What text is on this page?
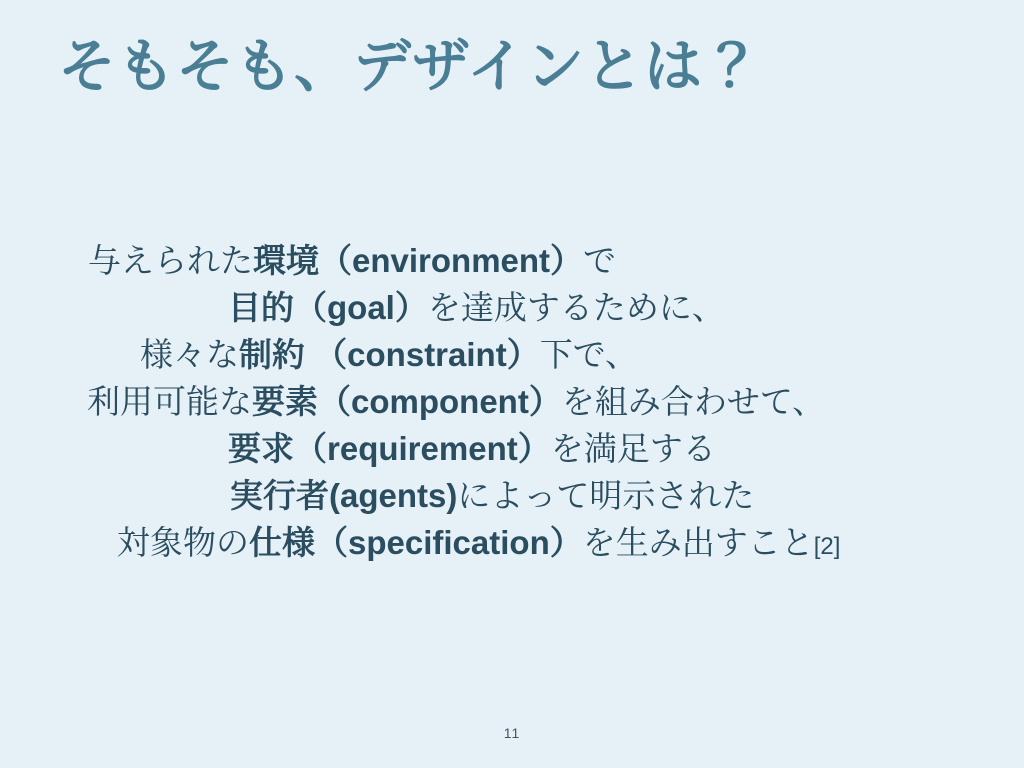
そもそも、デザインとは？

与えられた環境（environment）で

目的（goal）を達成するために、

様々な制約 （constraint）下で、

利用可能な要素（component）を組み合わせて、

要求（requirement）を満足する

実行者(agents)によって明示された

対象物の仕様（specification）を生み出すこと[2]

11
